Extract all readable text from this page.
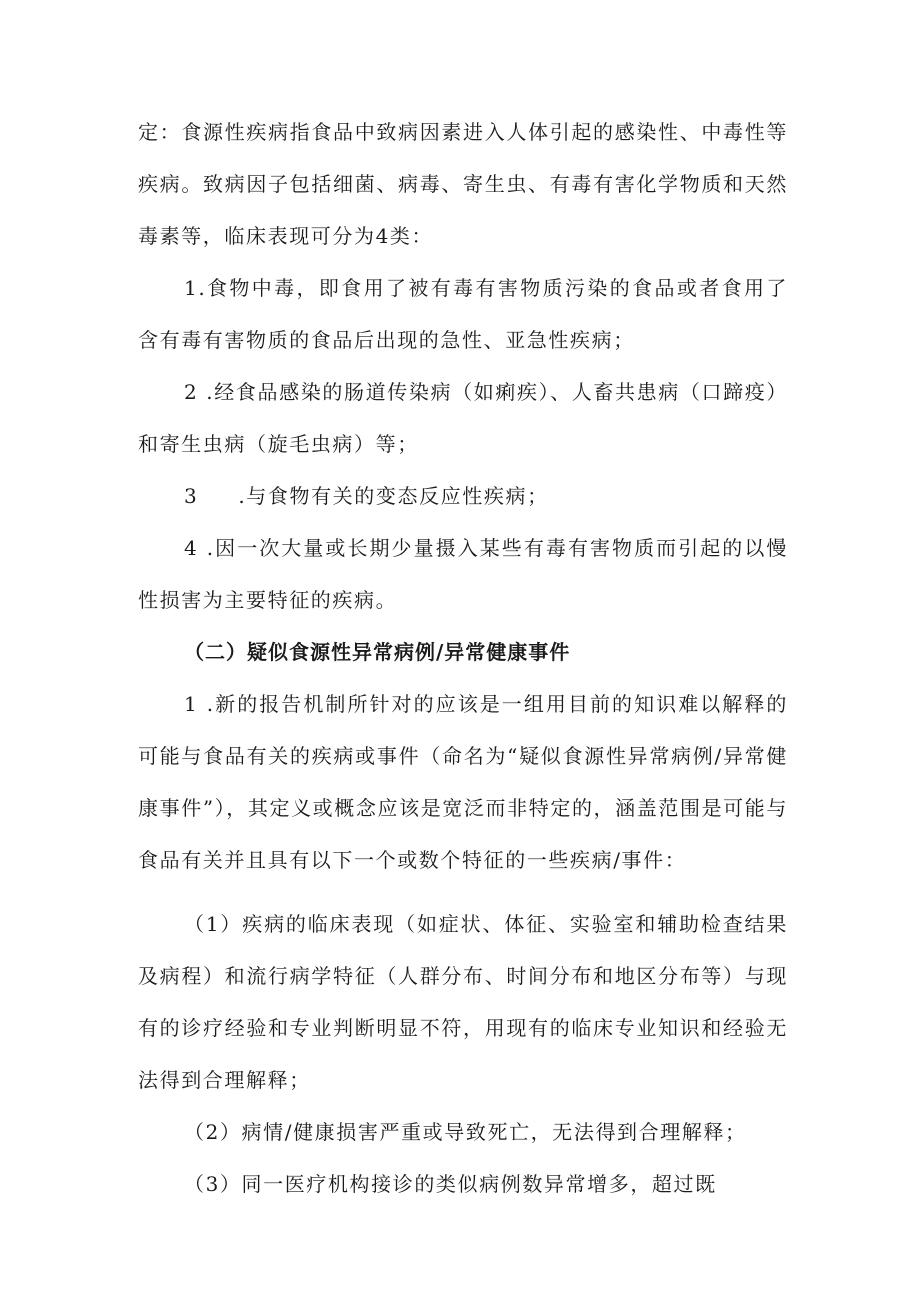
定：食源性疾病指食品中致病因素进入人体引起的感染性、中毒性等疾病。致病因子包括细菌、病毒、寄生虫、有毒有害化学物质和天然毒素等，临床表现可分为4类：

1.食物中毒，即食用了被有毒有害物质污染的食品或者食用了含有毒有害物质的食品后出现的急性、亚急性疾病；

2 .经食品感染的肠道传染病（如痢疾）、人畜共患病（口蹄疫）和寄生虫病（旋毛虫病）等；

3 .与食物有关的变态反应性疾病；

4 .因一次大量或长期少量摄入某些有毒有害物质而引起的以慢性损害为主要特征的疾病。

（二）疑似食源性异常病例/异常健康事件

1 .新的报告机制所针对的应该是一组用目前的知识难以解释的可能与食品有关的疾病或事件（命名为“疑似食源性异常病例/异常健康事件”），其定义或概念应该是宽泛而非特定的，涵盖范围是可能与食品有关并且具有以下一个或数个特征的一些疾病/事件：

（1）疾病的临床表现（如症状、体征、实验室和辅助检查结果及病程）和流行病学特征（人群分布、时间分布和地区分布等）与现有的诊疗经验和专业判断明显不符，用现有的临床专业知识和经验无法得到合理解释；

（2）病情/健康损害严重或导致死亡，无法得到合理解释；

（3）同一医疗机构接诊的类似病例数异常增多，超过既
